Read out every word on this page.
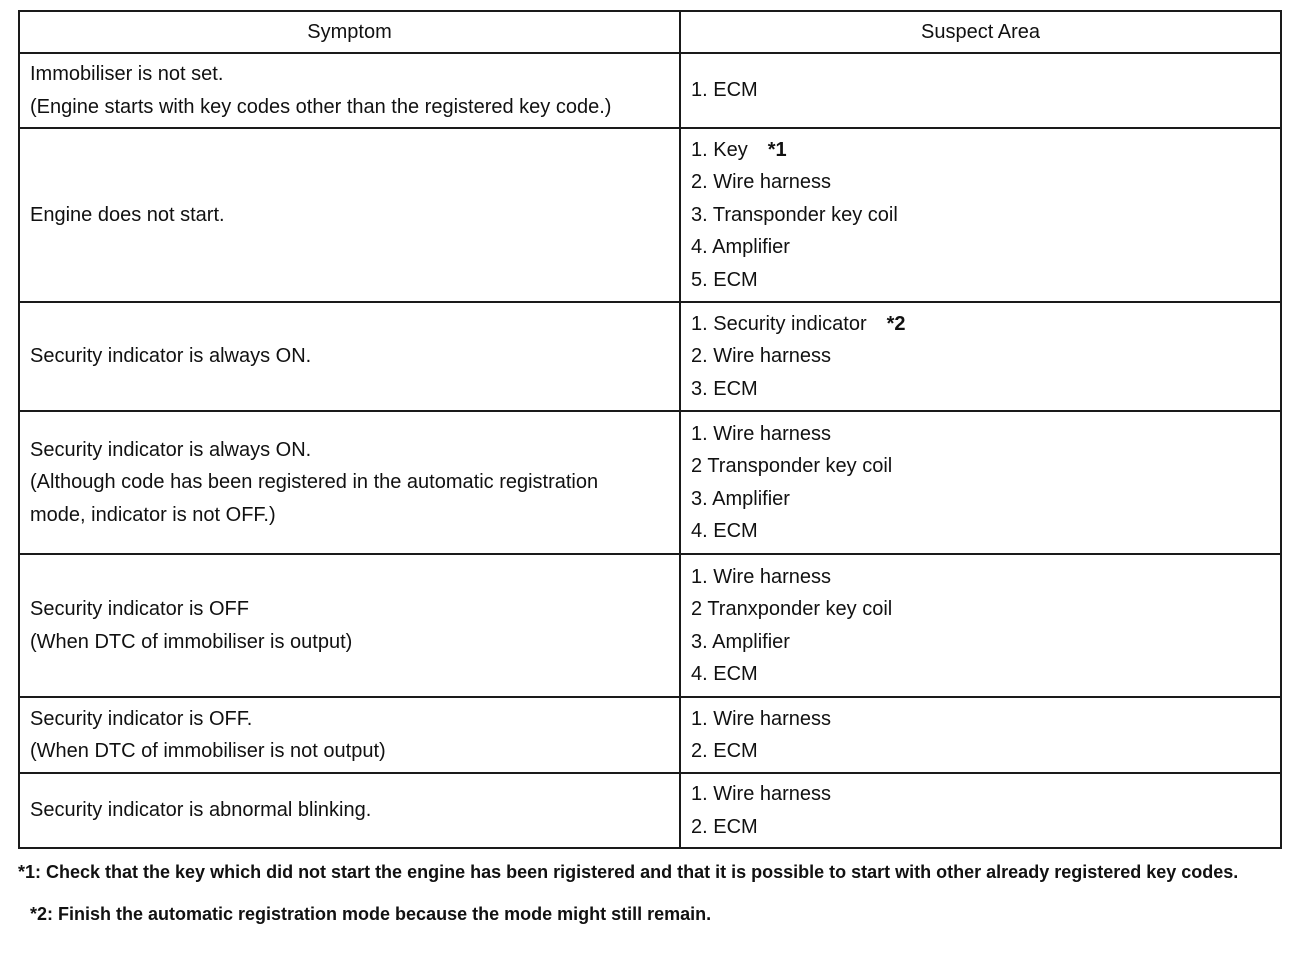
Symptom	Suspect Area

Immobiliser is not set.
(Engine starts with key codes other than the registered key code.)	1. ECM

Engine does not start.	1. Key *1
2. Wire harness
3. Transponder key coil
4. Amplifier
5. ECM

Security indicator is always ON.	1. Security indicator *2
2. Wire harness
3. ECM

Security indicator is always ON.
(Although code has been registered in the automatic registration
mode, indicator is not OFF.)	1. Wire harness
2 Transponder key coil
3. Amplifier
4. ECM

Security indicator is OFF
(When DTC of immobiliser is output)	1. Wire harness
2 Tranxponder key coil
3. Amplifier
4. ECM

Security indicator is OFF.
(When DTC of immobiliser is not output)	1. Wire harness
2. ECM

Security indicator is abnormal blinking.	1. Wire harness
2. ECM
*1: Check that the key which did not start the engine has been rigistered and that it is possible to start with other already registered key codes.
*2: Finish the automatic registration mode because the mode might still remain.
